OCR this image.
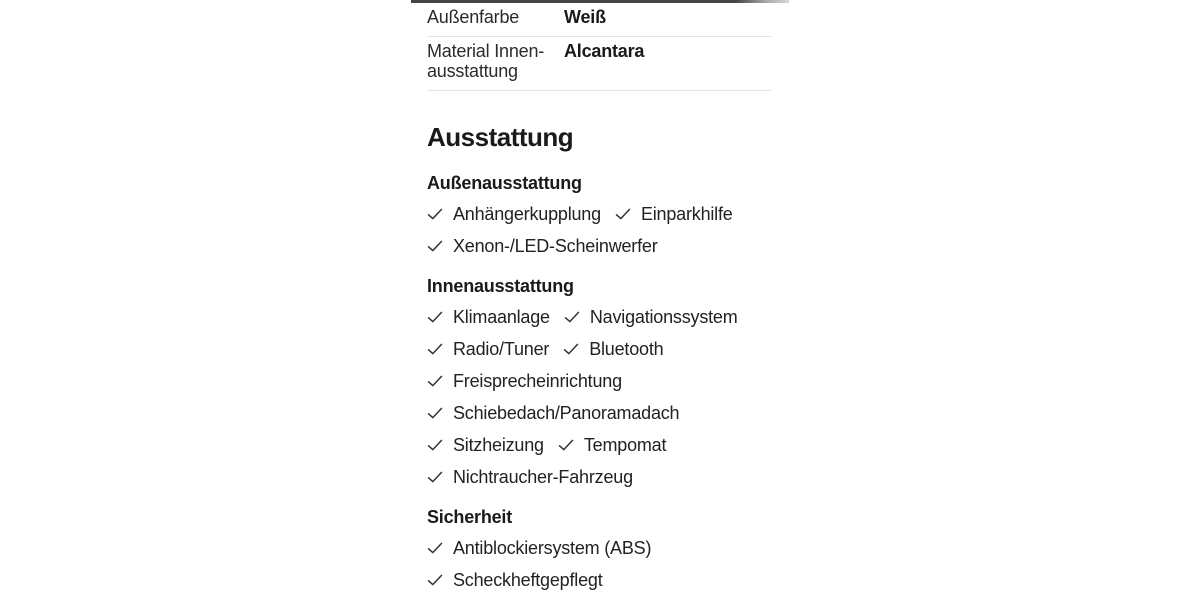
Außenfarbe	Weiß
Material Innen-
ausstattung
Alcantara
Ausstattung
Außenausstattung
Anhängerkupplung Einparkhilfe
Xenon-/LED-Scheinwerfer
Innenausstattung
Klimaanlage Navigationssystem
Radio/Tuner Bluetooth
Freisprecheinrichtung
Schiebedach/Panoramadach
Sitzheizung Tempomat
Nichtraucher-Fahrzeug
Sicherheit
Antiblockiersystem (ABS)
Scheckheftgepflegt
